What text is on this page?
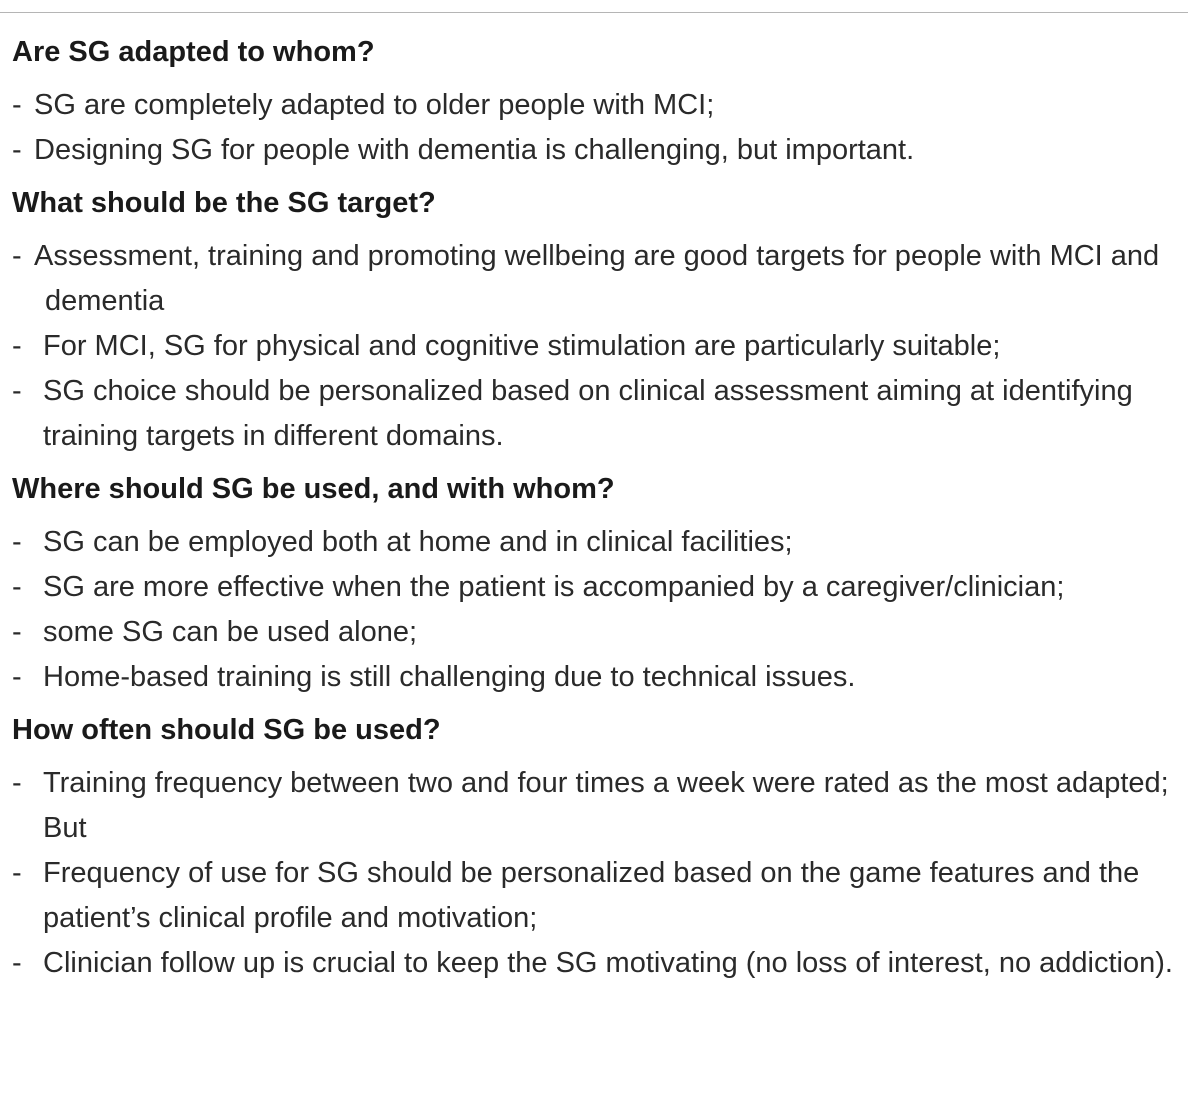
Are SG adapted to whom?
- SG are completely adapted to older people with MCI;
- Designing SG for people with dementia is challenging, but important.
What should be the SG target?
- Assessment, training and promoting wellbeing are good targets for people with MCI and dementia
- For MCI, SG for physical and cognitive stimulation are particularly suitable;
- SG choice should be personalized based on clinical assessment aiming at identifying training targets in different domains.
Where should SG be used, and with whom?
- SG can be employed both at home and in clinical facilities;
- SG are more effective when the patient is accompanied by a caregiver/clinician;
- some SG can be used alone;
- Home-based training is still challenging due to technical issues.
How often should SG be used?
- Training frequency between two and four times a week were rated as the most adapted; But
- Frequency of use for SG should be personalized based on the game features and the patient’s clinical profile and motivation;
- Clinician follow up is crucial to keep the SG motivating (no loss of interest, no addiction).
